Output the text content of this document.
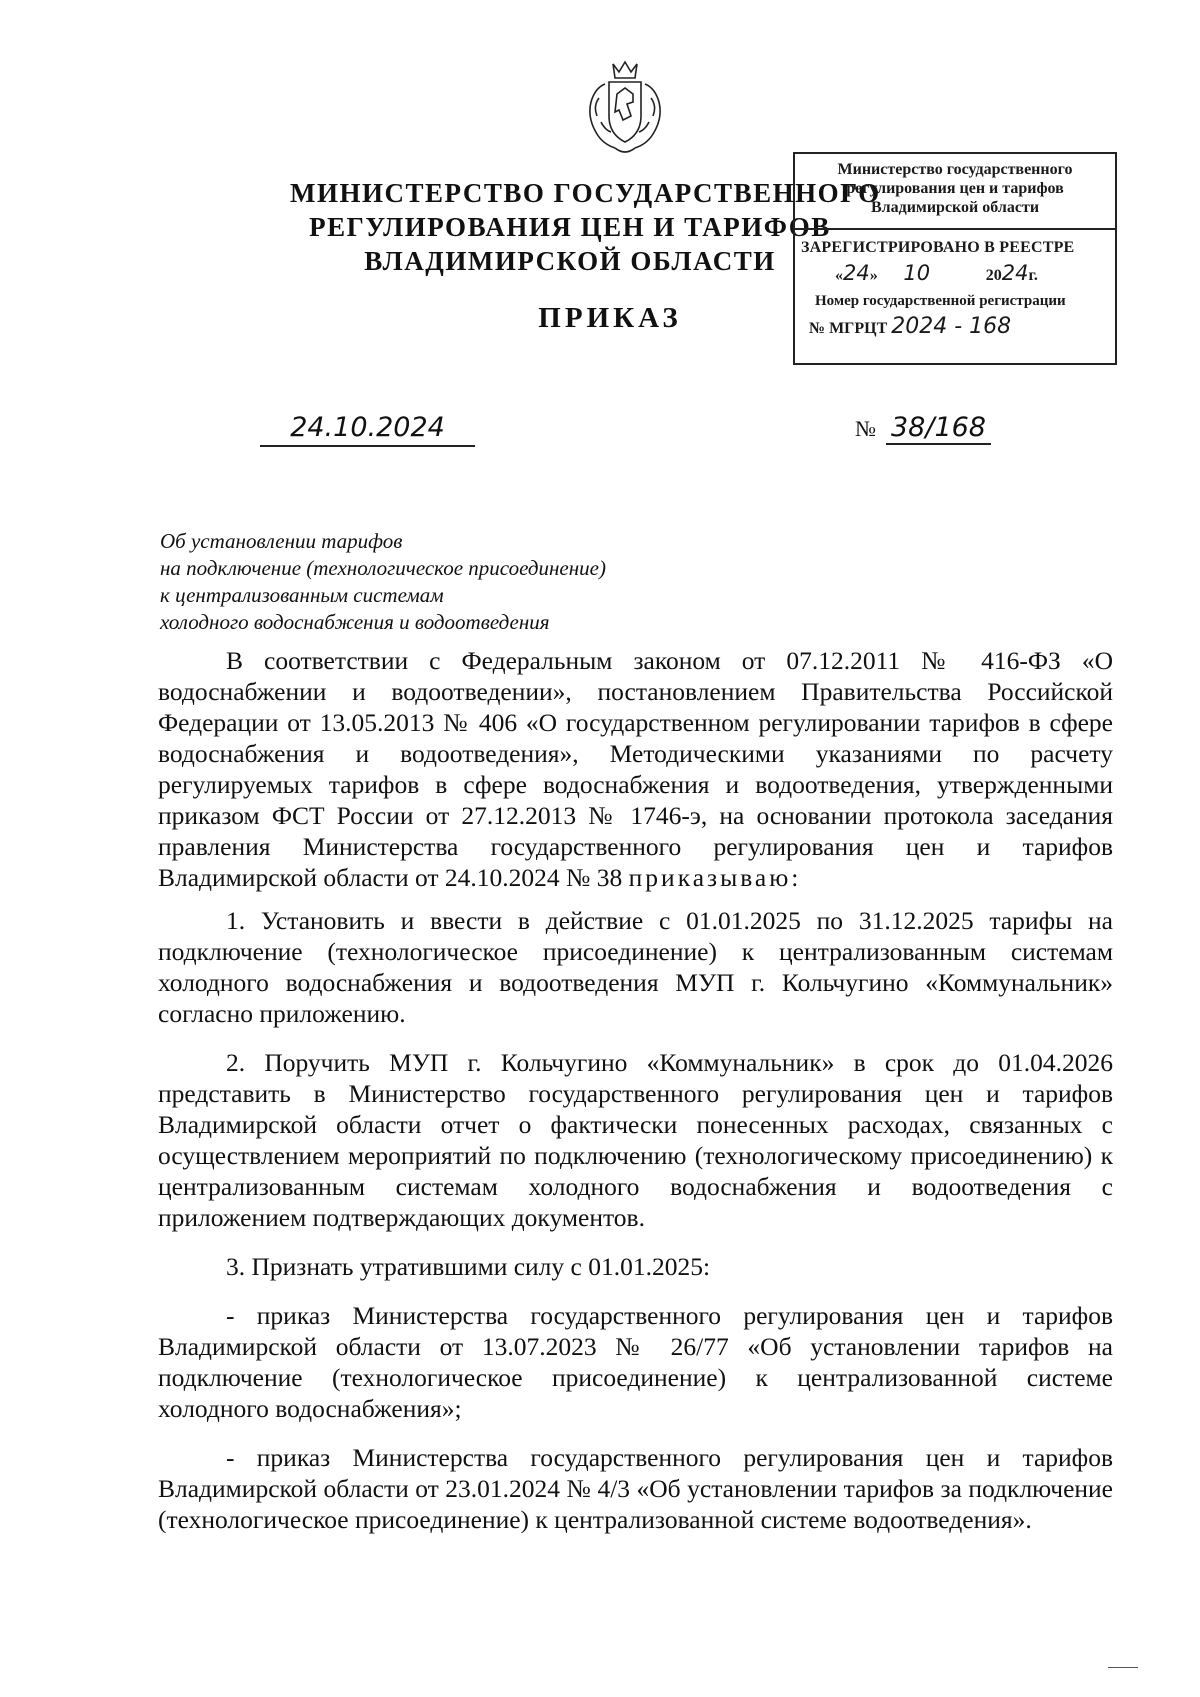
МИНИСТЕРСТВО ГОСУДАРСТВЕННОГО
РЕГУЛИРОВАНИЯ ЦЕН И ТАРИФОВ
ВЛАДИМИРСКОЙ ОБЛАСТИ
ПРИКАЗ
Министерство государственного
регулирования цен и тарифов
Владимирской области
ЗАРЕГИСТРИРОВАНО В РЕЕСТРЕ
«24» 10	2024г.
Номер государственной регистрации
№ МГРЦТ 2024 - 168
24.10.2024	№ 38/168
Об установлении тарифов
на подключение (технологическое присоединение)
к централизованным системам
холодного водоснабжения и водоотведения

В соответствии с Федеральным законом от 07.12.2011 № 416-ФЗ «О водоснабжении и водоотведении», постановлением Правительства Российской Федерации от 13.05.2013 № 406 «О государственном регулировании тарифов в сфере водоснабжения и водоотведения», Методическими указаниями по расчету регулируемых тарифов в сфере водоснабжения и водоотведения, утвержденными приказом ФСТ России от 27.12.2013 № 1746-э, на основании протокола заседания правления Министерства государственного регулирования цен и тарифов Владимирской области от 24.10.2024 № 38 приказываю:

1. Установить и ввести в действие с 01.01.2025 по 31.12.2025 тарифы на подключение (технологическое присоединение) к централизованным системам холодного водоснабжения и водоотведения МУП г. Кольчугино «Коммунальник» согласно приложению.

2. Поручить МУП г. Кольчугино «Коммунальник» в срок до 01.04.2026 представить в Министерство государственного регулирования цен и тарифов Владимирской области отчет о фактически понесенных расходах, связанных с осуществлением мероприятий по подключению (технологическому присоединению) к централизованным системам холодного водоснабжения и водоотведения с приложением подтверждающих документов.

3. Признать утратившими силу с 01.01.2025:

- приказ Министерства государственного регулирования цен и тарифов Владимирской области от 13.07.2023 № 26/77 «Об установлении тарифов на подключение (технологическое присоединение) к централизованной системе холодного водоснабжения»;

- приказ Министерства государственного регулирования цен и тарифов Владимирской области от 23.01.2024 № 4/3 «Об установлении тарифов за подключение (технологическое присоединение) к централизованной системе водоотведения».
